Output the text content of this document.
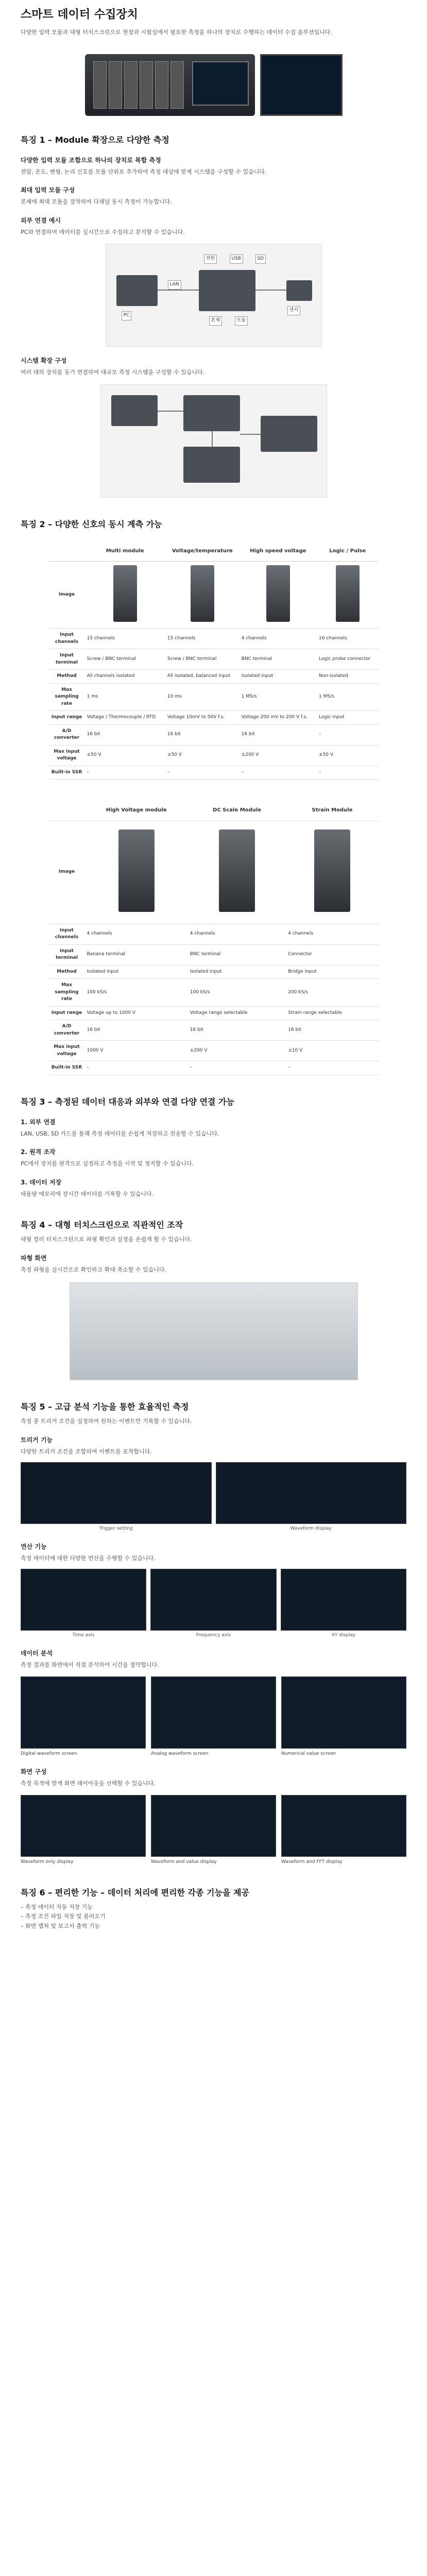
스마트 데이터 수집장치

다양한 입력 모듈과 대형 터치스크린으로 현장과 시험실에서 필요한 측정을 하나의 장치로 수행하는 데이터 수집 솔루션입니다.

특징 1 – Module 확장으로 다양한 측정
다양한 입력 모듈 조합으로 하나의 장치로 복합 측정

전압, 온도, 변형, 논리 신호를 모듈 단위로 추가하여 측정 대상에 맞게 시스템을 구성할 수 있습니다.

최대 입력 모듈 구성

본체에 최대 모듈을 장착하여 다채널 동시 측정이 가능합니다.

외부 연결 예시

PC와 연결하여 데이터를 실시간으로 수집하고 분석할 수 있습니다.

PC
LAN
본체	모듈
센서
전원	USB	SD
시스템 확장 구성

여러 대의 장치를 동기 연결하여 대규모 측정 시스템을 구성할 수 있습니다.

특징 2 – 다양한 신호의 동시 계측 가능
	Multi module	Voltage/temperature	High speed voltage	Logic / Pulse
Image				
Input channels	15 channels	15 channels	4 channels	16 channels
Input terminal	Screw / BNC terminal	Screw / BNC terminal	BNC terminal	Logic probe connector
Method	All channels isolated	All isolated, balanced input	Isolated input	Non-isolated
Max sampling rate	1 ms	10 ms	1 MS/s	1 MS/s
Input range	Voltage / Thermocouple / RTD	Voltage 10mV to 50V f.s.	Voltage 200 mV to 200 V f.s.	Logic input
A/D converter	16 bit	16 bit	16 bit	–
Max input voltage	±50 V	±50 V	±200 V	±50 V
Built-in SSR	–	–	–	–
	High Voltage module	DC Scale Module	Strain Module
Image			
Input channels	4 channels	4 channels	4 channels
Input terminal	Banana terminal	BNC terminal	Connector
Method	Isolated input	Isolated input	Bridge input
Max sampling rate	100 kS/s	100 kS/s	200 kS/s
Input range	Voltage up to 1000 V	Voltage range selectable	Strain range selectable
A/D converter	16 bit	16 bit	16 bit
Max input voltage	1000 V	±200 V	±10 V
Built-in SSR	–	–	–
특징 3 – 측정된 데이터 대응과 외부와 연결 다양 연결 가능
1. 외부 연결

LAN, USB, SD 카드를 통해 측정 데이터를 손쉽게 저장하고 전송할 수 있습니다.

2. 원격 조작

PC에서 장치를 원격으로 설정하고 측정을 시작 및 정지할 수 있습니다.

3. 데이터 저장

대용량 메모리에 장시간 데이터를 기록할 수 있습니다.

특징 4 – 대형 터치스크린으로 직관적인 조작

대형 컬러 터치스크린으로 파형 확인과 설정을 손쉽게 할 수 있습니다.

파형 화면

측정 파형을 실시간으로 확인하고 확대 축소할 수 있습니다.

특징 5 – 고급 분석 기능을 통한 효율적인 측정

측정 중 트리거 조건을 설정하여 원하는 이벤트만 기록할 수 있습니다.

트리거 기능

다양한 트리거 조건을 조합하여 이벤트를 포착합니다.

Trigger setting	Waveform display
연산 기능

측정 데이터에 대한 다양한 연산을 수행할 수 있습니다.

Time axis	Frequency axis	XY display
데이터 분석

측정 결과를 화면에서 직접 분석하여 시간을 절약합니다.

Digital waveform screen	Analog waveform screen	Numerical value screen
화면 구성

측정 목적에 맞게 화면 레이아웃을 선택할 수 있습니다.

Waveform only display	Waveform and value display	Waveform and FFT display
특징 6 – 편리한 기능 – 데이터 처리에 편리한 각종 기능을 제공
– 측정 데이터 자동 저장 기능
– 측정 조건 파일 저장 및 불러오기
– 화면 캡처 및 보고서 출력 기능
